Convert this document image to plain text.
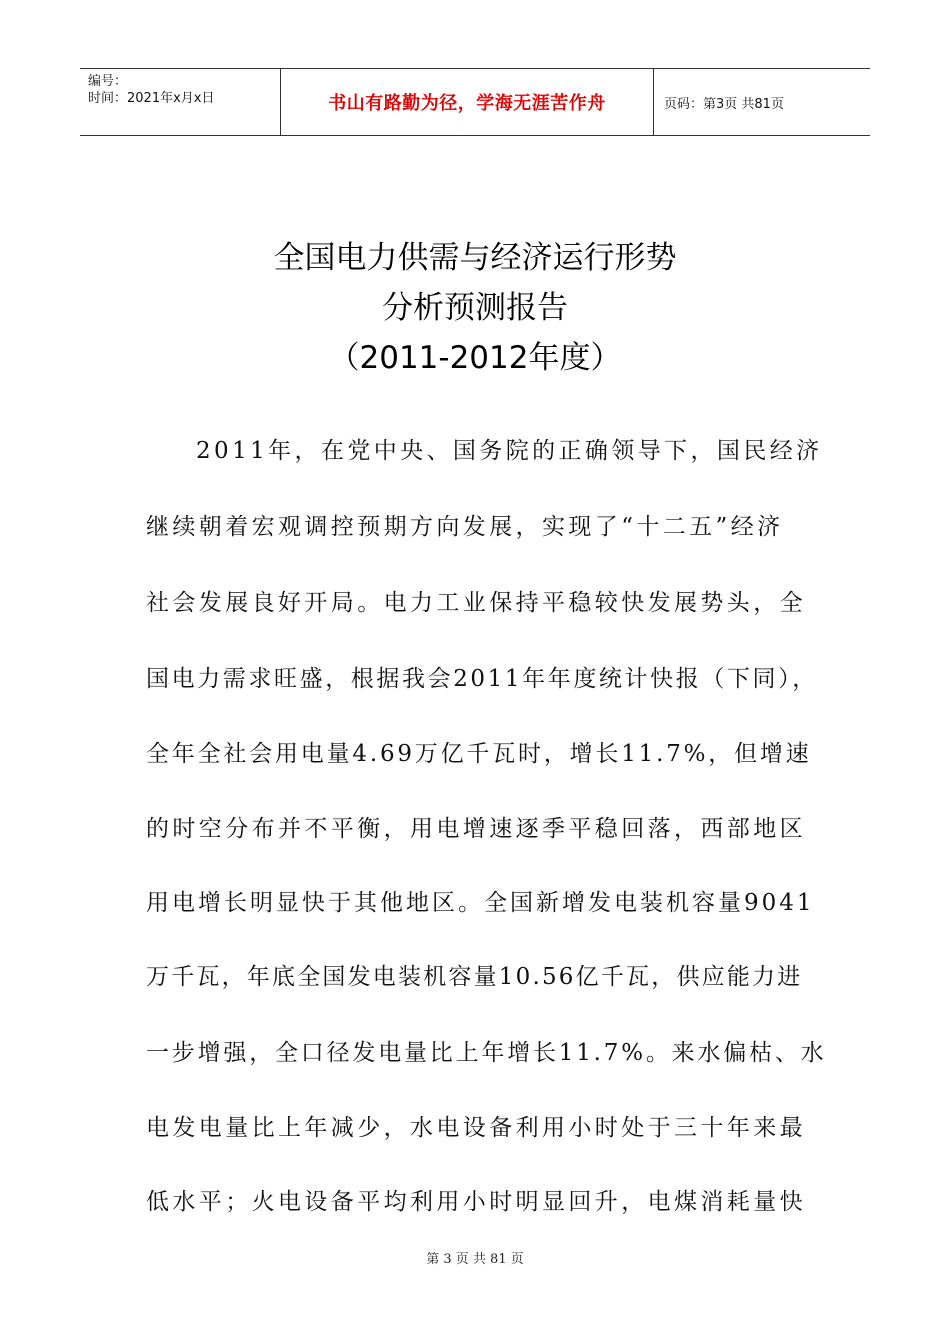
编号：
时间：2021年x月x日	书山有路勤为径，学海无涯苦作舟	页码：第3页 共81页
全国电力供需与经济运行形势
分析预测报告
（2011-2012年度）
2011年，在党中央、国务院的正确领导下，国民经济
继续朝着宏观调控预期方向发展，实现了“十二五”经济
社会发展良好开局。电力工业保持平稳较快发展势头，全
国电力需求旺盛，根据我会2011年年度统计快报（下同），
全年全社会用电量4.69万亿千瓦时，增长11.7%，但增速
的时空分布并不平衡，用电增速逐季平稳回落，西部地区
用电增长明显快于其他地区。全国新增发电装机容量9041
万千瓦，年底全国发电装机容量10.56亿千瓦，供应能力进
一步增强，全口径发电量比上年增长11.7%。来水偏枯、水
电发电量比上年减少，水电设备利用小时处于三十年来最
低水平；火电设备平均利用小时明显回升，电煤消耗量快
第 3 页 共 81 页
